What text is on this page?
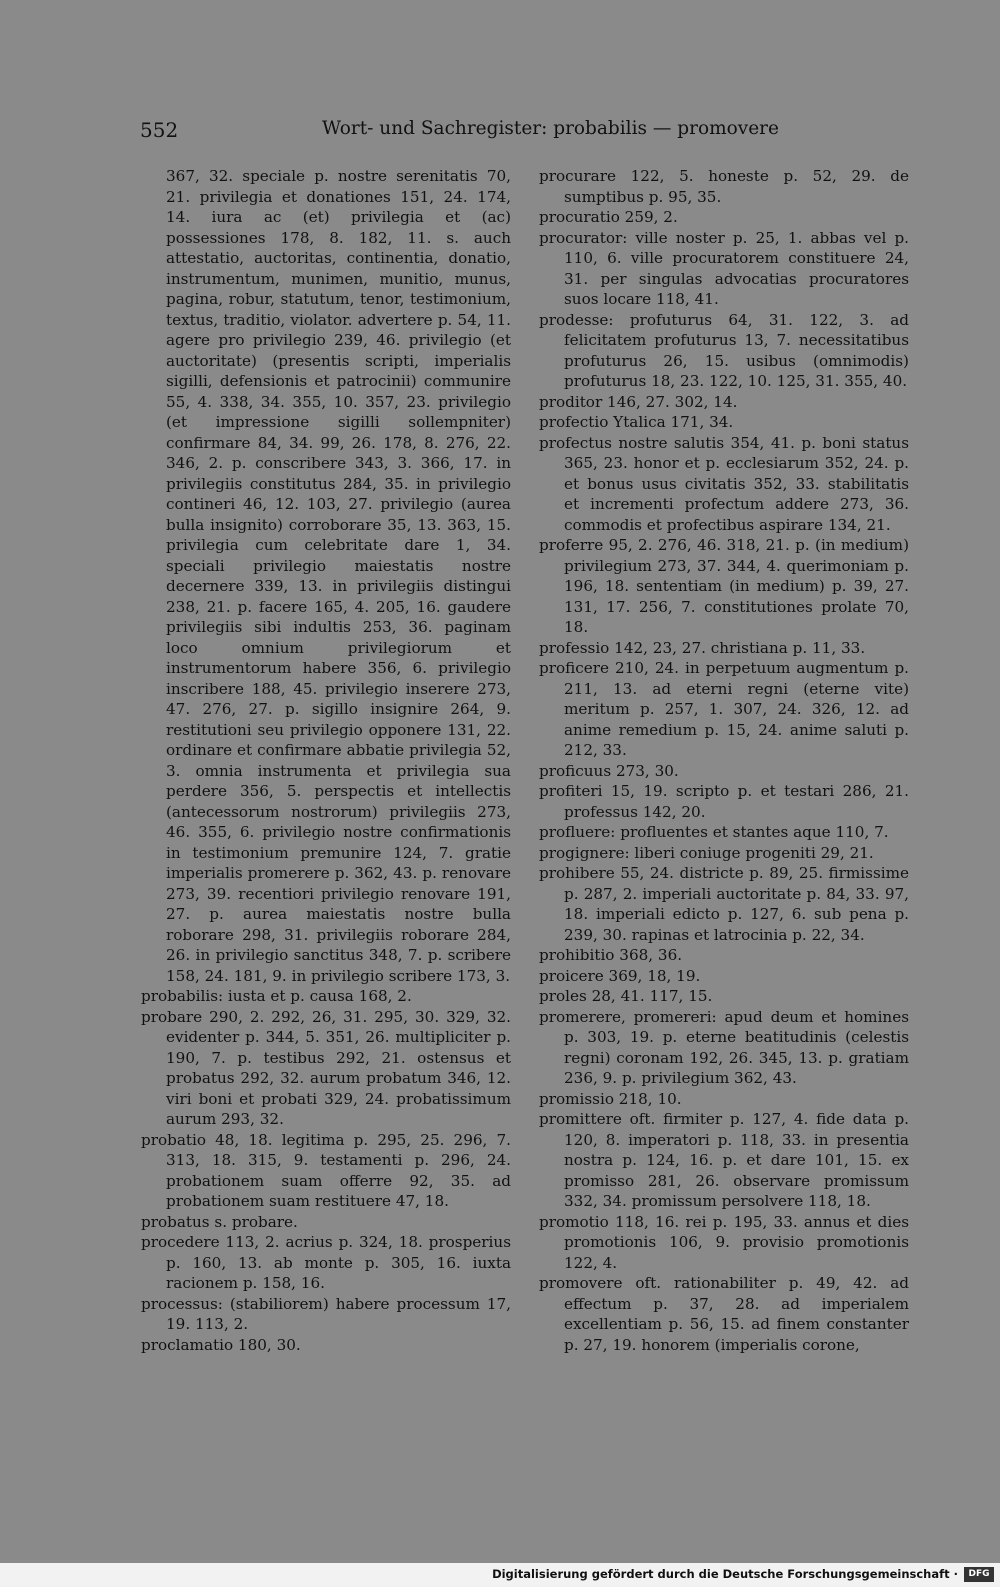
552	Wort- und Sachregister: probabilis — promovere

367, 32. speciale p. nostre serenitatis 70, 21. privilegia et donationes 151, 24. 174, 14. iura ac (et) privilegia et (ac) possessiones 178, 8. 182, 11. s. auch attestatio, auctoritas, continentia, donatio, instrumentum, munimen, munitio, munus, pagina, robur, statutum, tenor, testimonium, textus, traditio, violator. advertere p. 54, 11. agere pro privilegio 239, 46. privilegio (et auctoritate) (presentis scripti, imperialis sigilli, defensionis et patrocinii) communire 55, 4. 338, 34. 355, 10. 357, 23. privilegio (et impressione sigilli sollempniter) confirmare 84, 34. 99, 26. 178, 8. 276, 22. 346, 2. p. conscribere 343, 3. 366, 17. in privilegiis constitutus 284, 35. in privilegio contineri 46, 12. 103, 27. privilegio (aurea bulla insignito) corroborare 35, 13. 363, 15. privilegia cum celebritate dare 1, 34. speciali privilegio maiestatis nostre decernere 339, 13. in privilegiis distingui 238, 21. p. facere 165, 4. 205, 16. gaudere privilegiis sibi indultis 253, 36. paginam loco omnium privilegiorum et instrumentorum habere 356, 6. privilegio inscribere 188, 45. privilegio inserere 273, 47. 276, 27. p. sigillo insignire 264, 9. restitutioni seu privilegio opponere 131, 22. ordinare et confirmare abbatie privilegia 52, 3. omnia instrumenta et privilegia sua perdere 356, 5. perspectis et intellectis (antecessorum nostrorum) privilegiis 273, 46. 355, 6. privilegio nostre confirmationis in testimonium premunire 124, 7. gratie imperialis promerere p. 362, 43. p. renovare 273, 39. recentiori privilegio renovare 191, 27. p. aurea maiestatis nostre bulla roborare 298, 31. privilegiis roborare 284, 26. in privilegio sanctitus 348, 7. p. scribere 158, 24. 181, 9. in privilegio scribere 173, 3.

probabilis: iusta et p. causa 168, 2.

probare 290, 2. 292, 26, 31. 295, 30. 329, 32. evidenter p. 344, 5. 351, 26. multipliciter p. 190, 7. p. testibus 292, 21. ostensus et probatus 292, 32. aurum probatum 346, 12. viri boni et probati 329, 24. probatissimum aurum 293, 32.

probatio 48, 18. legitima p. 295, 25. 296, 7. 313, 18. 315, 9. testamenti p. 296, 24. probationem suam offerre 92, 35. ad probationem suam restituere 47, 18.

probatus s. probare.

procedere 113, 2. acrius p. 324, 18. prosperius p. 160, 13. ab monte p. 305, 16. iuxta racionem p. 158, 16.

processus: (stabiliorem) habere processum 17, 19. 113, 2.

proclamatio 180, 30.

procurare 122, 5. honeste p. 52, 29. de sumptibus p. 95, 35.

procuratio 259, 2.

procurator: ville noster p. 25, 1. abbas vel p. 110, 6. ville procuratorem constituere 24, 31. per singulas advocatias procuratores suos locare 118, 41.

prodesse: profuturus 64, 31. 122, 3. ad felicitatem profuturus 13, 7. necessitatibus profuturus 26, 15. usibus (omnimodis) profuturus 18, 23. 122, 10. 125, 31. 355, 40.

proditor 146, 27. 302, 14.

profectio Ytalica 171, 34.

profectus nostre salutis 354, 41. p. boni status 365, 23. honor et p. ecclesiarum 352, 24. p. et bonus usus civitatis 352, 33. stabilitatis et incrementi profectum addere 273, 36. commodis et profectibus aspirare 134, 21.

proferre 95, 2. 276, 46. 318, 21. p. (in medium) privilegium 273, 37. 344, 4. querimoniam p. 196, 18. sententiam (in medium) p. 39, 27. 131, 17. 256, 7. constitutiones prolate 70, 18.

professio 142, 23, 27. christiana p. 11, 33.

proficere 210, 24. in perpetuum augmentum p. 211, 13. ad eterni regni (eterne vite) meritum p. 257, 1. 307, 24. 326, 12. ad anime remedium p. 15, 24. anime saluti p. 212, 33.

proficuus 273, 30.

profiteri 15, 19. scripto p. et testari 286, 21. professus 142, 20.

profluere: profluentes et stantes aque 110, 7.

progignere: liberi coniuge progeniti 29, 21.

prohibere 55, 24. districte p. 89, 25. firmissime p. 287, 2. imperiali auctoritate p. 84, 33. 97, 18. imperiali edicto p. 127, 6. sub pena p. 239, 30. rapinas et latrocinia p. 22, 34.

prohibitio 368, 36.

proicere 369, 18, 19.

proles 28, 41. 117, 15.

promerere, promereri: apud deum et homines p. 303, 19. p. eterne beatitudinis (celestis regni) coronam 192, 26. 345, 13. p. gratiam 236, 9. p. privilegium 362, 43.

promissio 218, 10.

promittere oft. firmiter p. 127, 4. fide data p. 120, 8. imperatori p. 118, 33. in presentia nostra p. 124, 16. p. et dare 101, 15. ex promisso 281, 26. observare promissum 332, 34. promissum persolvere 118, 18.

promotio 118, 16. rei p. 195, 33. annus et dies promotionis 106, 9. provisio promotionis 122, 4.

promovere oft. rationabiliter p. 49, 42. ad effectum p. 37, 28. ad imperialem excellentiam p. 56, 15. ad finem constanter p. 27, 19. honorem (imperialis corone,

Digitalisierung gefördert durch die Deutsche Forschungsgemeinschaft ·	DFG
